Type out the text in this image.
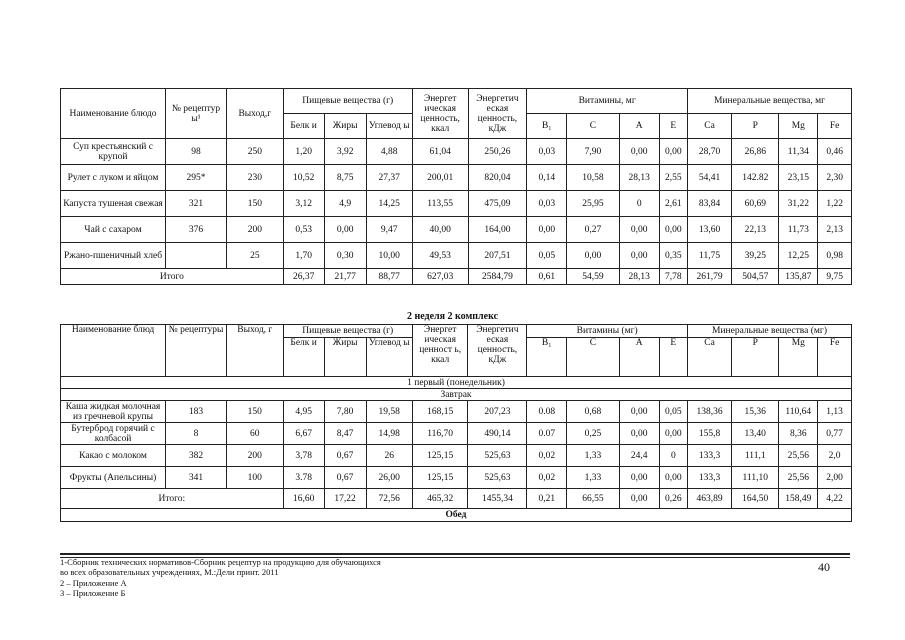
Наименование блюдо	№ рецептур ы¹	Выход,г	Пищевые вещества (г)			Энергет ическая ценность, ккал	Энергетич еская ценность, кДж	Витамины, мг				Минеральные вещества, мг			
			Белк и	Жиры	Углевод ы			B₁	C	A	E	Ca	P	Mg	Fe
Суп крестьянский с крупой	98	250	1,20	3,92	4,88	61,04	250,26	0,03	7,90	0,00	0,00	28,70	26,86	11,34	0,46
Рулет с луком и яйцом	295*	230	10,52	8,75	27,37	200,01	820,04	0,14	10,58	28,13	2,55	54,41	142.82	23,15	2,30
Капуста тушеная свежая	321	150	3,12	4,9	14,25	113,55	475,09	0,03	25,95	0	2,61	83,84	60,69	31,22	1,22
Чай с сахаром	376	200	0,53	0,00	9,47	40,00	164,00	0,00	0,27	0,00	0,00	13,60	22,13	11,73	2,13
Ржано-пшеничный хлеб		25	1,70	0,30	10,00	49,53	207,51	0,05	0,00	0,00	0,35	11,75	39,25	12,25	0,98
Итого			26,37	21,77	88,77	627,03	2584,79	0,61	54,59	28,13	7,78	261,79	504,57	135,87	9,75
2 неделя 2 комплекс
Наименование блюд	№ рецептуры	Выход, г	Пищевые вещества (г)			Энергет ическая ценност ь, ккал	Энергетич еская ценность, кДж	Витамины (мг)				Минеральные вещества (мг)			
			Белк и	Жиры	Углевод ы			B₁	C	A	E	Ca	P	Mg	Fe
1 первый (понедельник)															
Завтрак															
Каша жидкая молочная из гречневой крупы	183	150	4,95	7,80	19,58	168,15	207,23	0.08	0,68	0,00	0,05	138,36	15,36	110,64	1,13
Бутерброд горячий с колбасой	8	60	6,67	8,47	14,98	116,70	490,14	0.07	0,25	0,00	0,00	155,8	13,40	8,36	0,77
Какао с молоком	382	200	3,78	0,67	26	125,15	525,63	0,02	1,33	24,4	0	133,3	111,1	25,56	2,0
Фрукты (Апельсины)	341	100	3.78	0,67	26,00	125,15	525,63	0,02	1,33	0,00	0,00	133,3	111,10	25,56	2,00
Итого:			16,60	17,22	72,56	465,32	1455,34	0,21	66,55	0,00	0,26	463,89	164,50	158,49	4,22
Обед															
1-Сборник технических нормативов-Сборник рецептур на продукцию для обучающихся
во всех образовательных учреждениях, М.:Дели принт. 2011
2 – Приложение А
3 – Приложение Б
40
